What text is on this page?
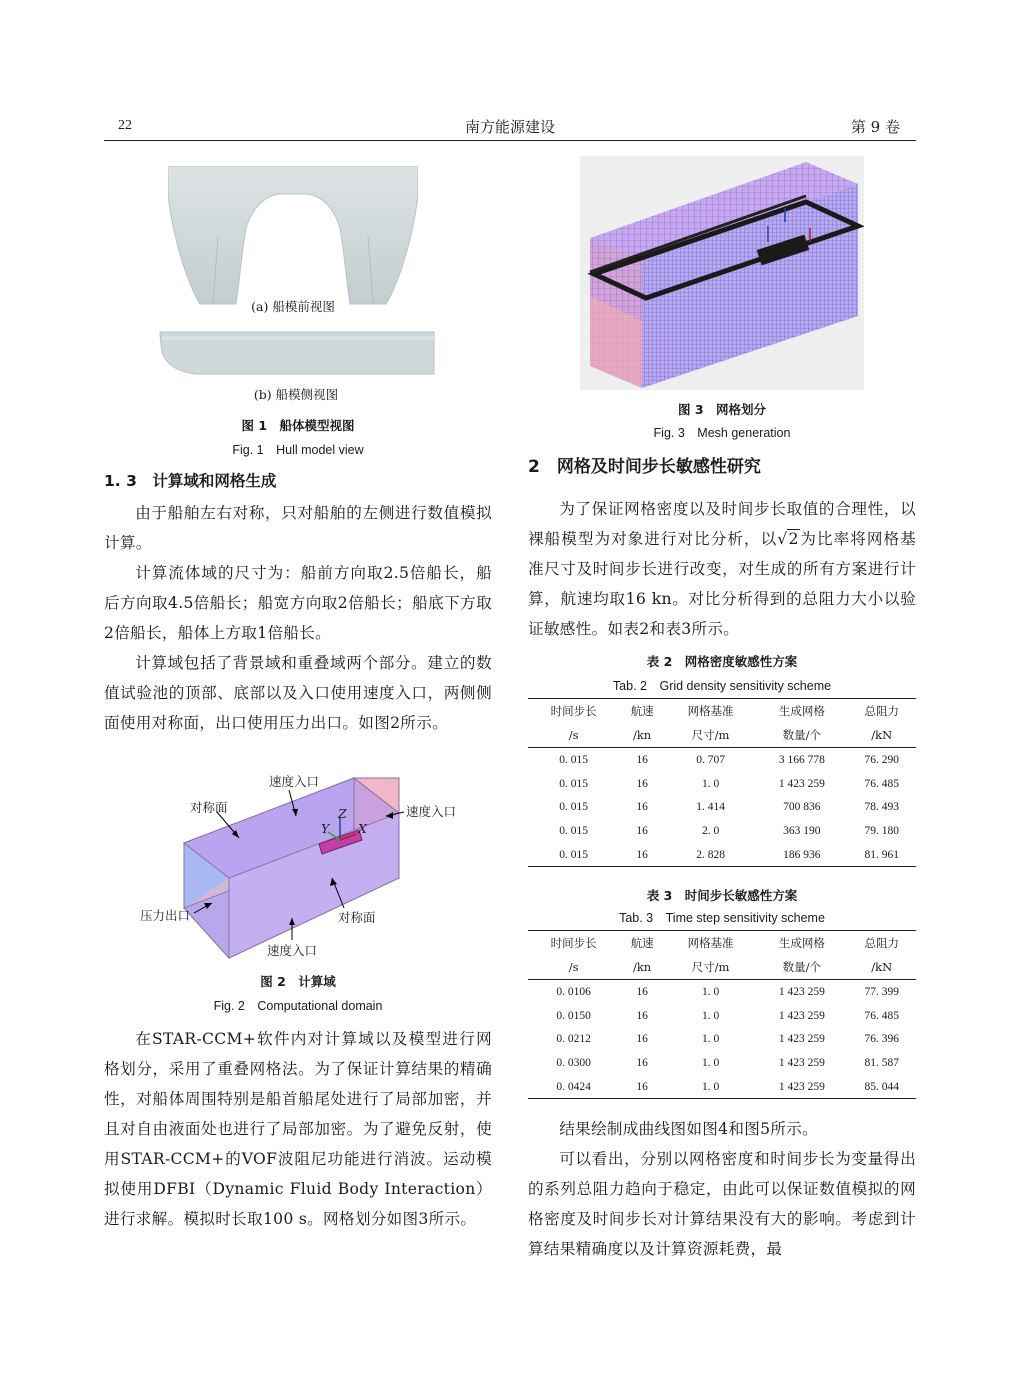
22	南方能源建设	第 9 卷
(a) 船模前视图
(b) 船模侧视图
图 1　船体模型视图
Fig. 1　Hull model view

1. 3　计算域和网格生成

由于船舶左右对称，只对船舶的左侧进行数值模拟计算。

计算流体域的尺寸为：船前方向取2.5倍船长，船后方向取4.5倍船长；船宽方向取2倍船长；船底下方取2倍船长，船体上方取1倍船长。

计算域包括了背景域和重叠域两个部分。建立的数值试验池的顶部、底部以及入口使用速度入口，两侧侧面使用对称面，出口使用压力出口。如图2所示。

速度入口
对称面	速度入口
压力出口	对称面
速度入口
Z
Y X
图 2　计算域
Fig. 2　Computational domain

在STAR-CCM+软件内对计算域以及模型进行网格划分，采用了重叠网格法。为了保证计算结果的精确性，对船体周围特别是船首船尾处进行了局部加密，并且对自由液面处也进行了局部加密。为了避免反射，使用STAR-CCM+的VOF波阻尼功能进行消波。运动模拟使用DFBI（Dynamic Fluid Body Interaction）进行求解。模拟时长取100 s。网格划分如图3所示。

图 3　网格划分
Fig. 3　Mesh generation
2　网格及时间步长敏感性研究

为了保证网格密度以及时间步长取值的合理性，以裸船模型为对象进行对比分析，以√2为比率将网格基准尺寸及时间步长进行改变，对生成的所有方案进行计算，航速均取16 kn。对比分析得到的总阻力大小以验证敏感性。如表2和表3所示。

表 2　网格密度敏感性方案
Tab. 2　Grid density sensitivity scheme
时间步长	航速	网格基准	生成网格	总阻力
/s	/kn	尺寸/m	数量/个	/kN
0. 015	16	0. 707	3 166 778	76. 290
0. 015	16	1. 0	1 423 259	76. 485
0. 015	16	1. 414	700 836	78. 493
0. 015	16	2. 0	363 190	79. 180
0. 015	16	2. 828	186 936	81. 961
表 3　时间步长敏感性方案
Tab. 3　Time step sensitivity scheme
时间步长	航速	网格基准	生成网格	总阻力
/s	/kn	尺寸/m	数量/个	/kN
0. 0106	16	1. 0	1 423 259	77. 399
0. 0150	16	1. 0	1 423 259	76. 485
0. 0212	16	1. 0	1 423 259	76. 396
0. 0300	16	1. 0	1 423 259	81. 587
0. 0424	16	1. 0	1 423 259	85. 044

结果绘制成曲线图如图4和图5所示。

可以看出，分别以网格密度和时间步长为变量得出的系列总阻力趋向于稳定，由此可以保证数值模拟的网格密度及时间步长对计算结果没有大的影响。考虑到计算结果精确度以及计算资源耗费，最
